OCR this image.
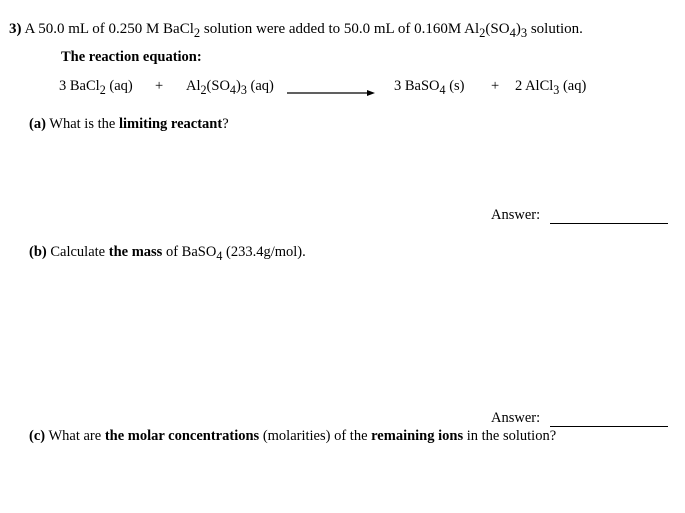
3) A 50.0 mL of 0.250 M BaCl$_2$ solution were added to 50.0 mL of 0.160M $Al_2(SO_4)_3$ solution.
The reaction equation:
3 BaCl$_2$ $(aq) + Al_2(SO_4)_3$ (aq)	3 BaSO$_4$ (s) + 2 AlCl$_3$ (aq)
(a) What is the limiting reactant?
Answer:
(b) Calculate the mass of BaSO$_4$ (233.4g/mol).
Answer:
(c) What are the molar concentrations (molarities) of the remaining ions in the solution?
